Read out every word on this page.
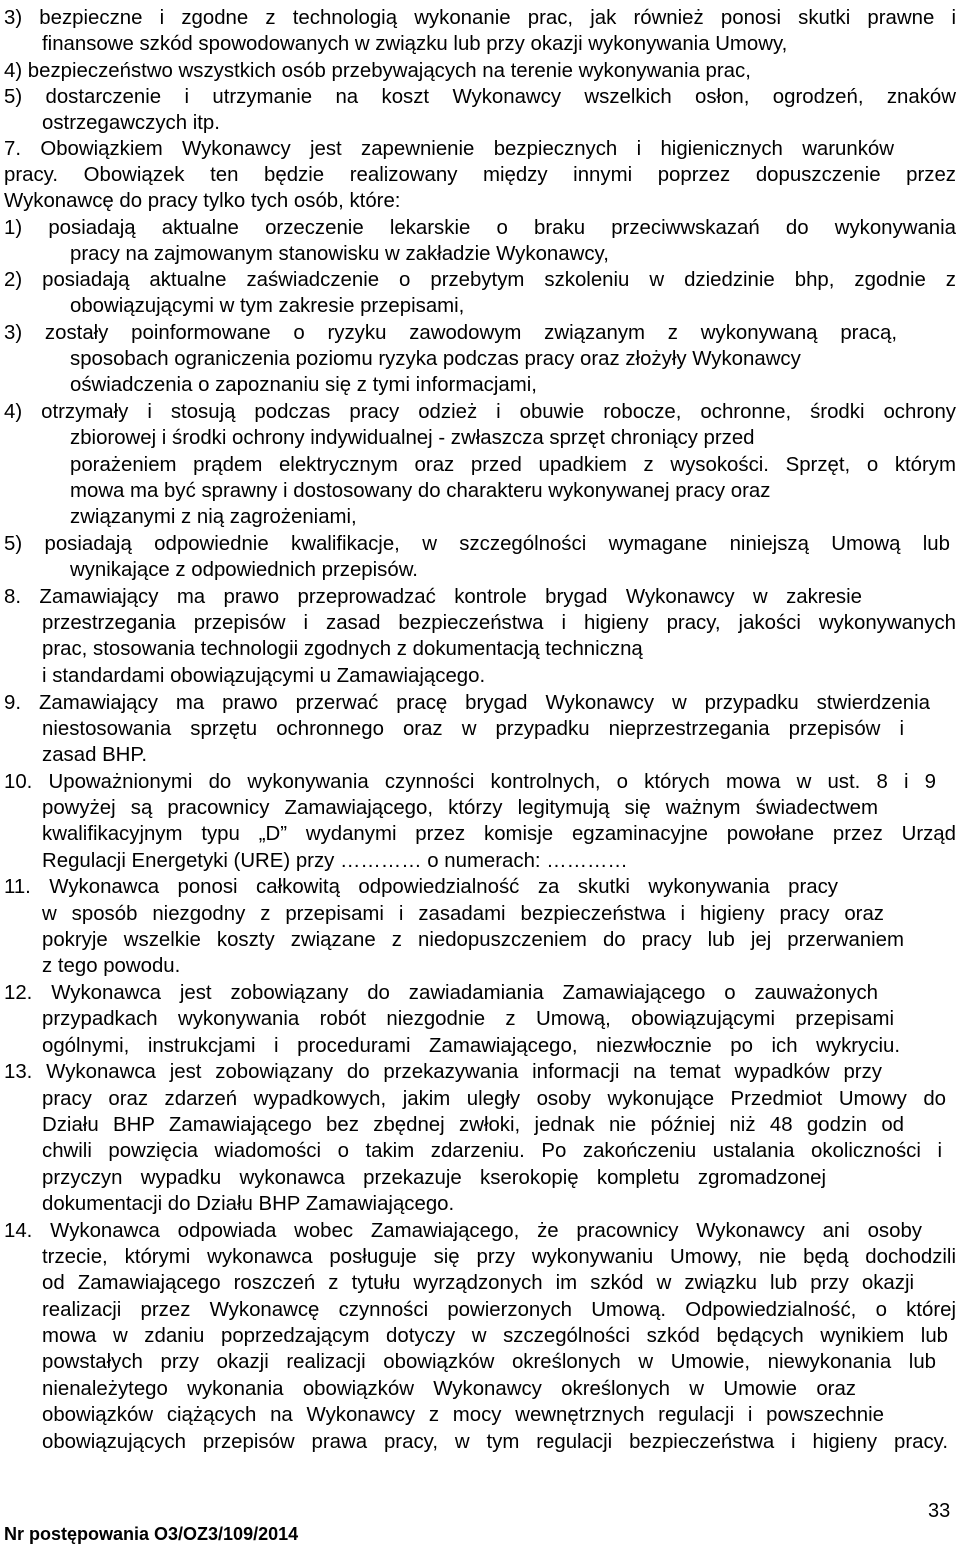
3) bezpieczne i zgodne z technologią wykonanie prac, jak również ponosi skutki prawne i
finansowe szkód spowodowanych w związku lub przy okazji wykonywania Umowy,
4) bezpieczeństwo wszystkich osób przebywających na terenie wykonywania prac,
5) dostarczenie i utrzymanie na koszt Wykonawcy wszelkich osłon, ogrodzeń, znaków
ostrzegawczych itp.
7. Obowiązkiem Wykonawcy jest zapewnienie bezpiecznych i higienicznych warunków
pracy. Obowiązek ten będzie realizowany między innymi poprzez dopuszczenie przez
Wykonawcę do pracy tylko tych osób, które:
1) posiadają aktualne orzeczenie lekarskie o braku przeciwwskazań do wykonywania
pracy na zajmowanym stanowisku w zakładzie Wykonawcy,
2) posiadają aktualne zaświadczenie o przebytym szkoleniu w dziedzinie bhp, zgodnie z
obowiązującymi w tym zakresie przepisami,
3) zostały poinformowane o ryzyku zawodowym związanym z wykonywaną pracą,
sposobach ograniczenia poziomu ryzyka podczas pracy oraz złożyły Wykonawcy
oświadczenia o zapoznaniu się z tymi informacjami,
4) otrzymały i stosują podczas pracy odzież i obuwie robocze, ochronne, środki ochrony
zbiorowej i środki ochrony indywidualnej - zwłaszcza sprzęt chroniący przed
porażeniem prądem elektrycznym oraz przed upadkiem z wysokości. Sprzęt, o którym
mowa ma być sprawny i dostosowany do charakteru wykonywanej pracy oraz
związanymi z nią zagrożeniami,
5) posiadają odpowiednie kwalifikacje, w szczególności wymagane niniejszą Umową lub
wynikające z odpowiednich przepisów.
8. Zamawiający ma prawo przeprowadzać kontrole brygad Wykonawcy w zakresie
przestrzegania przepisów i zasad bezpieczeństwa i higieny pracy, jakości wykonywanych
prac, stosowania technologii zgodnych z dokumentacją techniczną
i standardami obowiązującymi u Zamawiającego.
9. Zamawiający ma prawo przerwać pracę brygad Wykonawcy w przypadku stwierdzenia
niestosowania sprzętu ochronnego oraz w przypadku nieprzestrzegania przepisów i
zasad BHP.
10. Upoważnionymi do wykonywania czynności kontrolnych, o których mowa w ust. 8 i 9
powyżej są pracownicy Zamawiającego, którzy legitymują się ważnym świadectwem
kwalifikacyjnym typu „D” wydanymi przez komisje egzaminacyjne powołane przez Urząd
Regulacji Energetyki (URE) przy ………… o numerach: …………
11. Wykonawca ponosi całkowitą odpowiedzialność za skutki wykonywania pracy
w sposób niezgodny z przepisami i zasadami bezpieczeństwa i higieny pracy oraz
pokryje wszelkie koszty związane z niedopuszczeniem do pracy lub jej przerwaniem
z tego powodu.
12. Wykonawca jest zobowiązany do zawiadamiania Zamawiającego o zauważonych
przypadkach wykonywania robót niezgodnie z Umową, obowiązującymi przepisami
ogólnymi, instrukcjami i procedurami Zamawiającego, niezwłocznie po ich wykryciu.
13. Wykonawca jest zobowiązany do przekazywania informacji na temat wypadków przy
pracy oraz zdarzeń wypadkowych, jakim uległy osoby wykonujące Przedmiot Umowy do
Działu BHP Zamawiającego bez zbędnej zwłoki, jednak nie później niż 48 godzin od
chwili powzięcia wiadomości o takim zdarzeniu. Po zakończeniu ustalania okoliczności i
przyczyn wypadku wykonawca przekazuje kserokopię kompletu zgromadzonej
dokumentacji do Działu BHP Zamawiającego.
14. Wykonawca odpowiada wobec Zamawiającego, że pracownicy Wykonawcy ani osoby
trzecie, którymi wykonawca posługuje się przy wykonywaniu Umowy, nie będą dochodzili
od Zamawiającego roszczeń z tytułu wyrządzonych im szkód w związku lub przy okazji
realizacji przez Wykonawcę czynności powierzonych Umową. Odpowiedzialność, o której
mowa w zdaniu poprzedzającym dotyczy w szczególności szkód będących wynikiem lub
powstałych przy okazji realizacji obowiązków określonych w Umowie, niewykonania lub
nienależytego wykonania obowiązków Wykonawcy określonych w Umowie oraz
obowiązków ciążących na Wykonawcy z mocy wewnętrznych regulacji i powszechnie
obowiązujących przepisów prawa pracy, w tym regulacji bezpieczeństwa i higieny pracy.
33
Nr postępowania O3/OZ3/109/2014
